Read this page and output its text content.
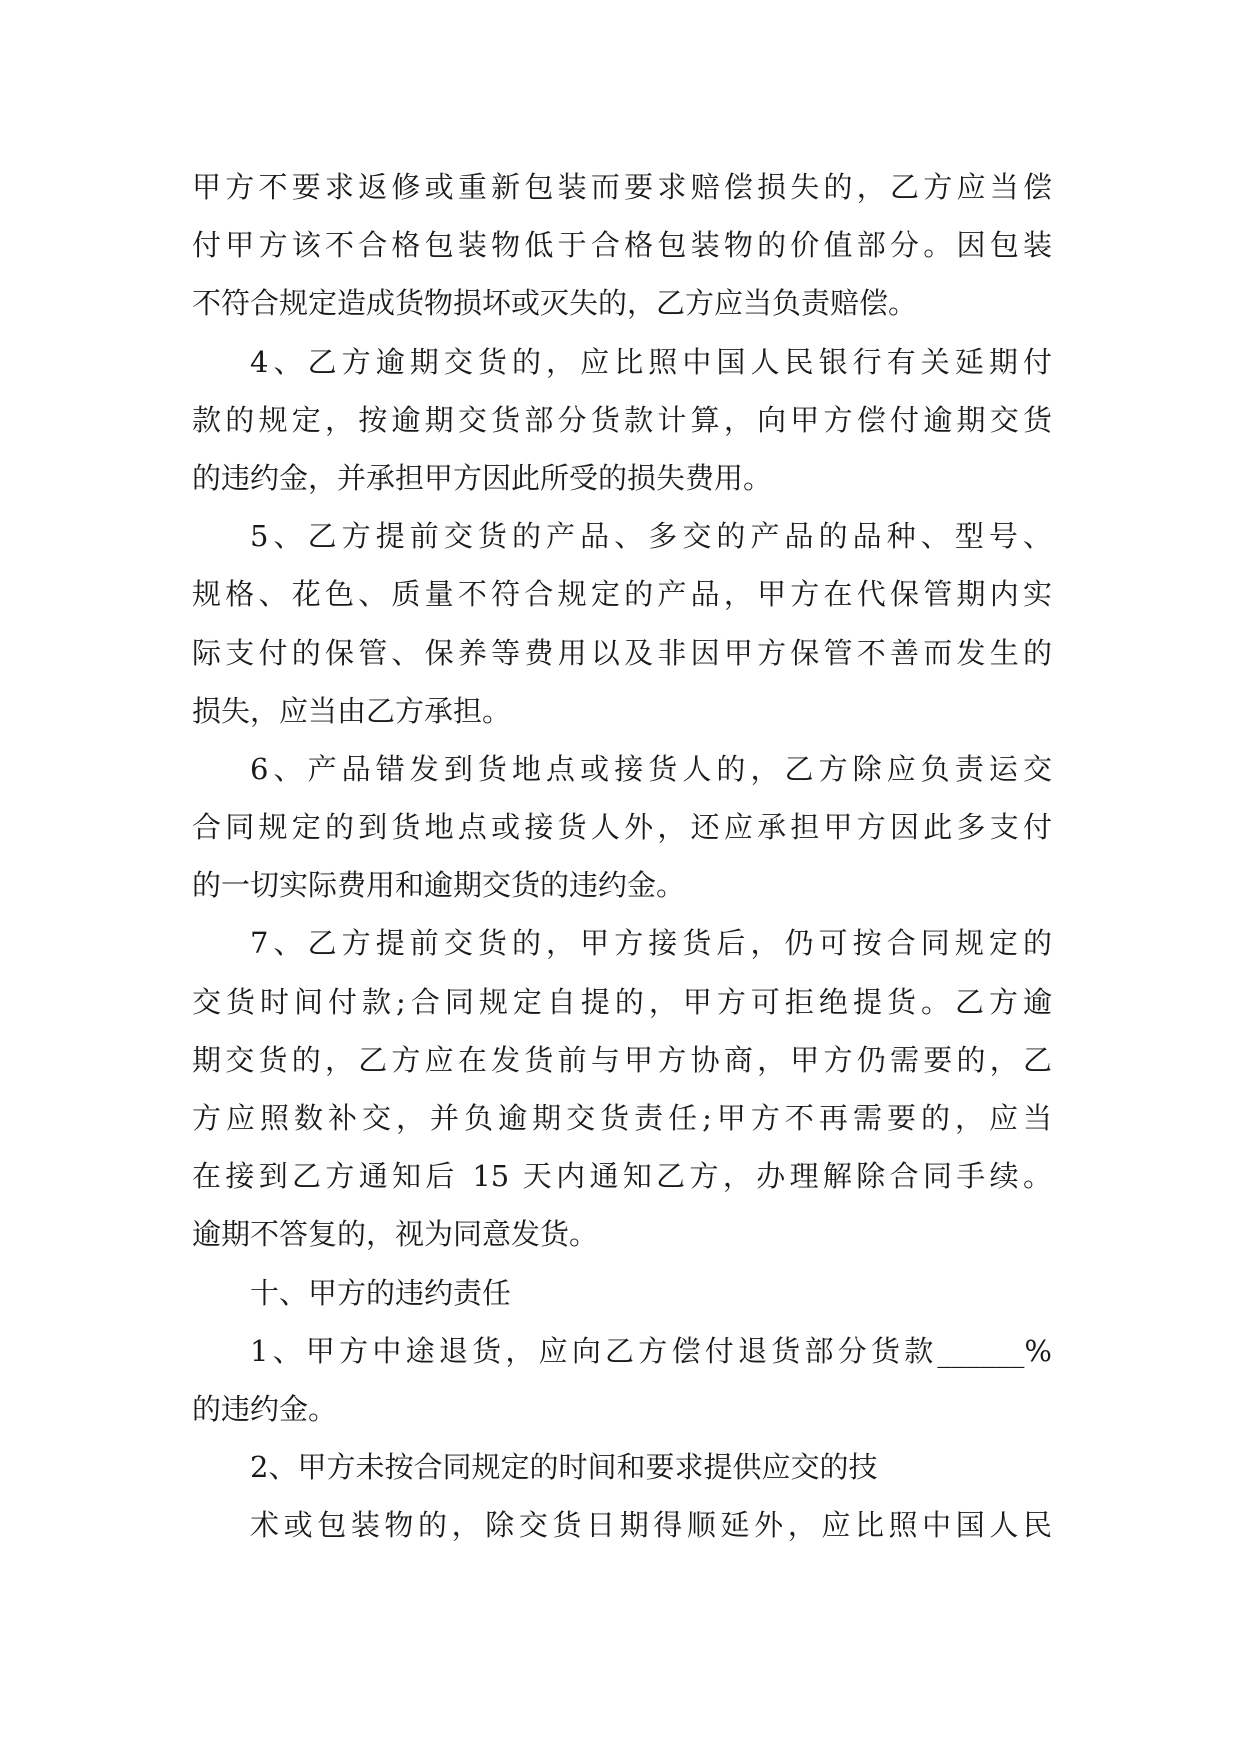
甲方不要求返修或重新包装而要求赔偿损失的，乙方应当偿
付甲方该不合格包装物低于合格包装物的价值部分。因包装
不符合规定造成货物损坏或灭失的，乙方应当负责赔偿。
4、乙方逾期交货的，应比照中国人民银行有关延期付
款的规定，按逾期交货部分货款计算，向甲方偿付逾期交货
的违约金，并承担甲方因此所受的损失费用。
5、乙方提前交货的产品、多交的产品的品种、型号、
规格、花色、质量不符合规定的产品，甲方在代保管期内实
际支付的保管、保养等费用以及非因甲方保管不善而发生的
损失，应当由乙方承担。
6、产品错发到货地点或接货人的，乙方除应负责运交
合同规定的到货地点或接货人外，还应承担甲方因此多支付
的一切实际费用和逾期交货的违约金。
7、乙方提前交货的，甲方接货后，仍可按合同规定的
交货时间付款;合同规定自提的，甲方可拒绝提货。乙方逾
期交货的，乙方应在发货前与甲方协商，甲方仍需要的，乙
方应照数补交，并负逾期交货责任;甲方不再需要的，应当
在接到乙方通知后 15 天内通知乙方，办理解除合同手续。
逾期不答复的，视为同意发货。
十、甲方的违约责任
1、甲方中途退货，应向乙方偿付退货部分货款______%
的违约金。
2、甲方未按合同规定的时间和要求提供应交的技
术或包装物的，除交货日期得顺延外，应比照中国人民
